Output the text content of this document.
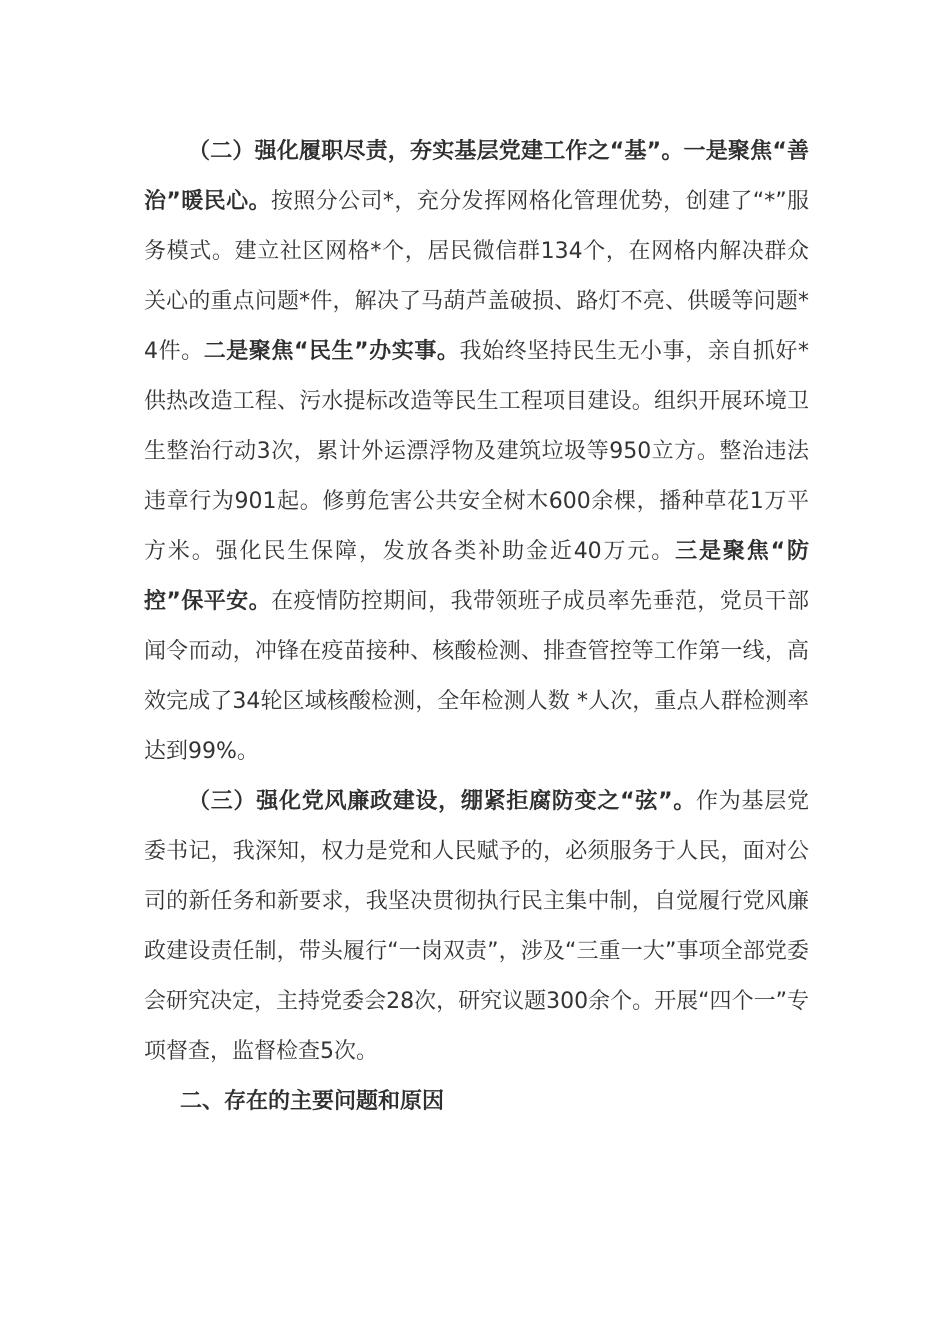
（二）强化履职尽责，夯实基层党建工作之“基”。一是聚焦“善治”暖民心。按照分公司*，充分发挥网格化管理优势，创建了“*”服务模式。建立社区网格*个，居民微信群134个，在网格内解决群众关心的重点问题*件，解决了马葫芦盖破损、路灯不亮、供暖等问题*4件。二是聚焦“民生”办实事。我始终坚持民生无小事，亲自抓好*供热改造工程、污水提标改造等民生工程项目建设。组织开展环境卫生整治行动3次，累计外运漂浮物及建筑垃圾等950立方。整治违法违章行为901起。修剪危害公共安全树木600余棵，播种草花1万平方米。强化民生保障，发放各类补助金近40万元。三是聚焦“防控”保平安。在疫情防控期间，我带领班子成员率先垂范，党员干部闻令而动，冲锋在疫苗接种、核酸检测、排查管控等工作第一线，高效完成了34轮区域核酸检测，全年检测人数 *人次，重点人群检测率达到99%。

（三）强化党风廉政建设，绷紧拒腐防变之“弦”。作为基层党委书记，我深知，权力是党和人民赋予的，必须服务于人民，面对公司的新任务和新要求，我坚决贯彻执行民主集中制，自觉履行党风廉政建设责任制，带头履行“一岗双责”，涉及“三重一大”事项全部党委会研究决定，主持党委会28次，研究议题300余个。开展“四个一”专项督查，监督检查5次。

二、存在的主要问题和原因
